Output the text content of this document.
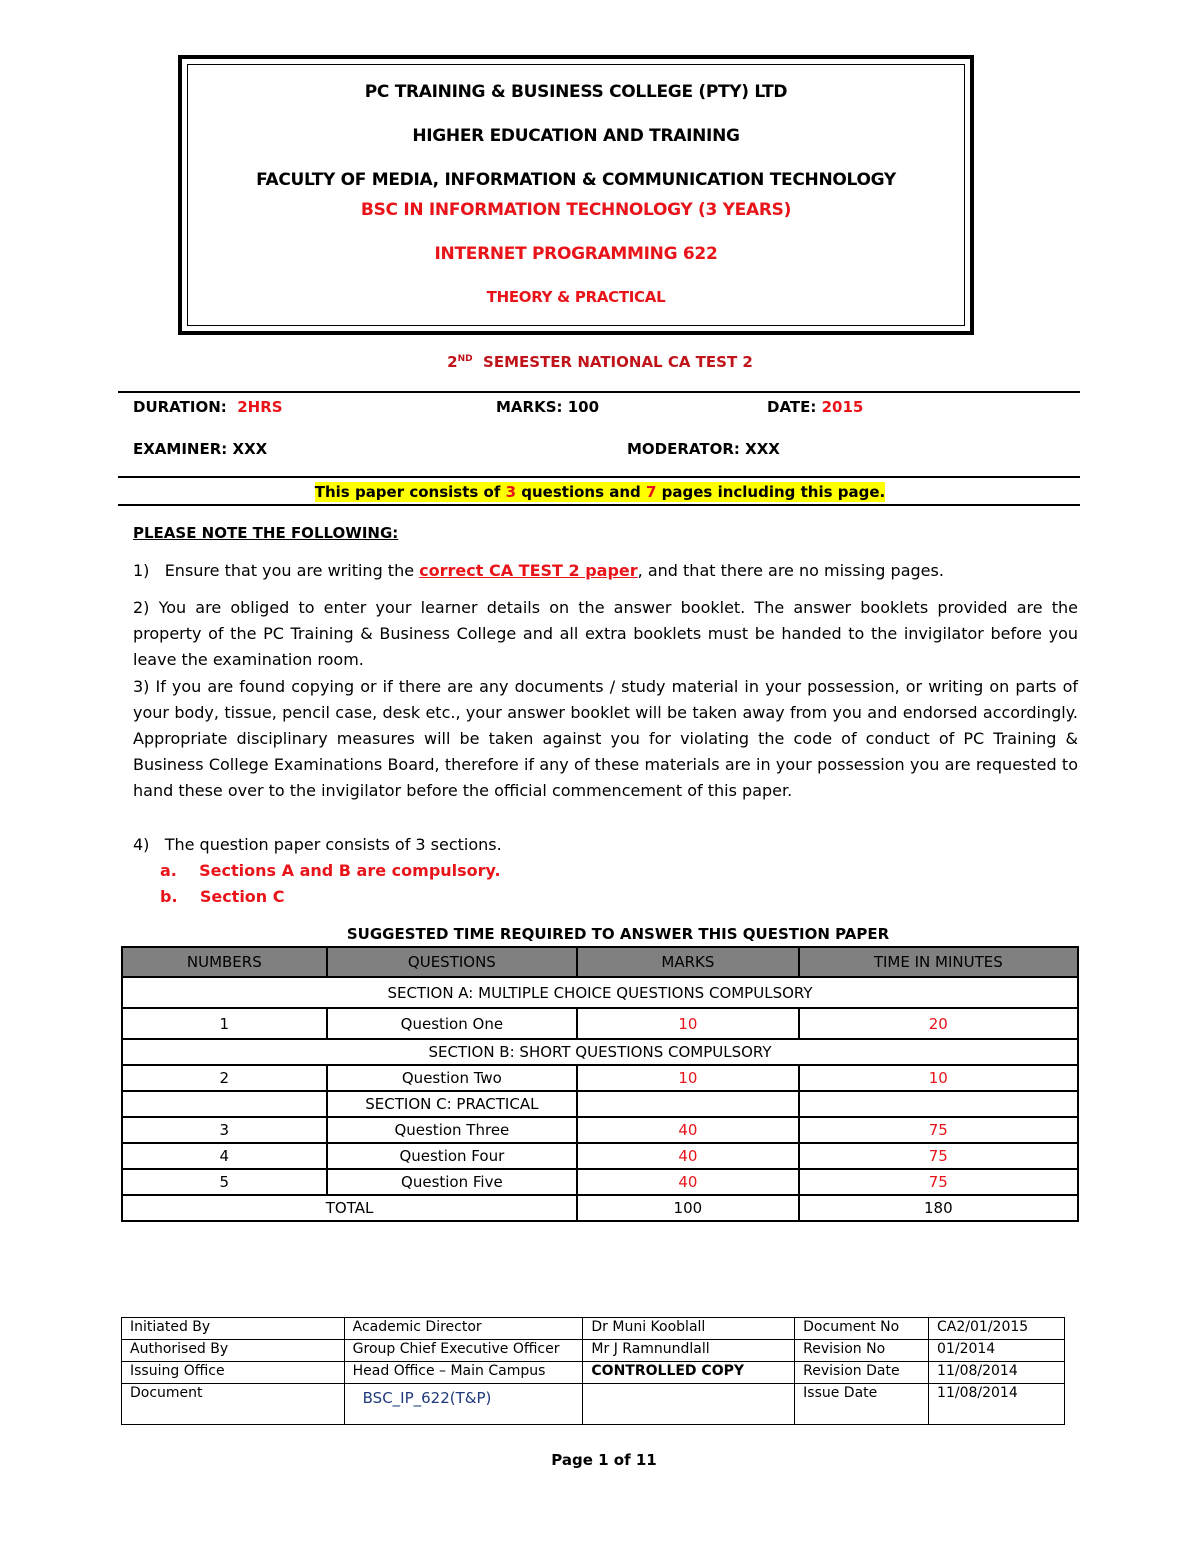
PC TRAINING & BUSINESS COLLEGE (PTY) LTD
HIGHER EDUCATION AND TRAINING
FACULTY OF MEDIA, INFORMATION & COMMUNICATION TECHNOLOGY
BSC IN INFORMATION TECHNOLOGY (3 YEARS)
INTERNET PROGRAMMING 622
THEORY & PRACTICAL
2ND SEMESTER NATIONAL CA TEST 2
DURATION: 2HRS	MARKS: 100	DATE: 2015
EXAMINER: XXX	MODERATOR: XXX
This paper consists of 3 questions and 7 pages including this page.
PLEASE NOTE THE FOLLOWING:
1) Ensure that you are writing the correct CA TEST 2 paper, and that there are no missing pages.
2) You are obliged to enter your learner details on the answer booklet. The answer booklets provided are the property of the PC Training & Business College and all extra booklets must be handed to the invigilator before you leave the examination room.
3) If you are found copying or if there are any documents / study material in your possession, or writing on parts of your body, tissue, pencil case, desk etc., your answer booklet will be taken away from you and endorsed accordingly. Appropriate disciplinary measures will be taken against you for violating the code of conduct of PC Training & Business College Examinations Board, therefore if any of these materials are in your possession you are requested to hand these over to the invigilator before the official commencement of this paper.
4) The question paper consists of 3 sections.
a. Sections A and B are compulsory.
b. Section C
SUGGESTED TIME REQUIRED TO ANSWER THIS QUESTION PAPER
NUMBERS	QUESTIONS	MARKS	TIME IN MINUTES
SECTION A: MULTIPLE CHOICE QUESTIONS COMPULSORY			
1	Question One	10	20
SECTION B: SHORT QUESTIONS COMPULSORY			
2	Question Two	10	10
	SECTION C: PRACTICAL		
3	Question Three	40	75
4	Question Four	40	75
5	Question Five	40	75
TOTAL		100	180
Initiated By	Academic Director	Dr Muni Kooblall	Document No	CA2/01/2015
Authorised By	Group Chief Executive Officer	Mr J Ramnundlall	Revision No	01/2014
Issuing Office	Head Office – Main Campus	CONTROLLED COPY	Revision Date	11/08/2014
Document	BSC_IP_622(T&P)		Issue Date	11/08/2014
Page 1 of 11
